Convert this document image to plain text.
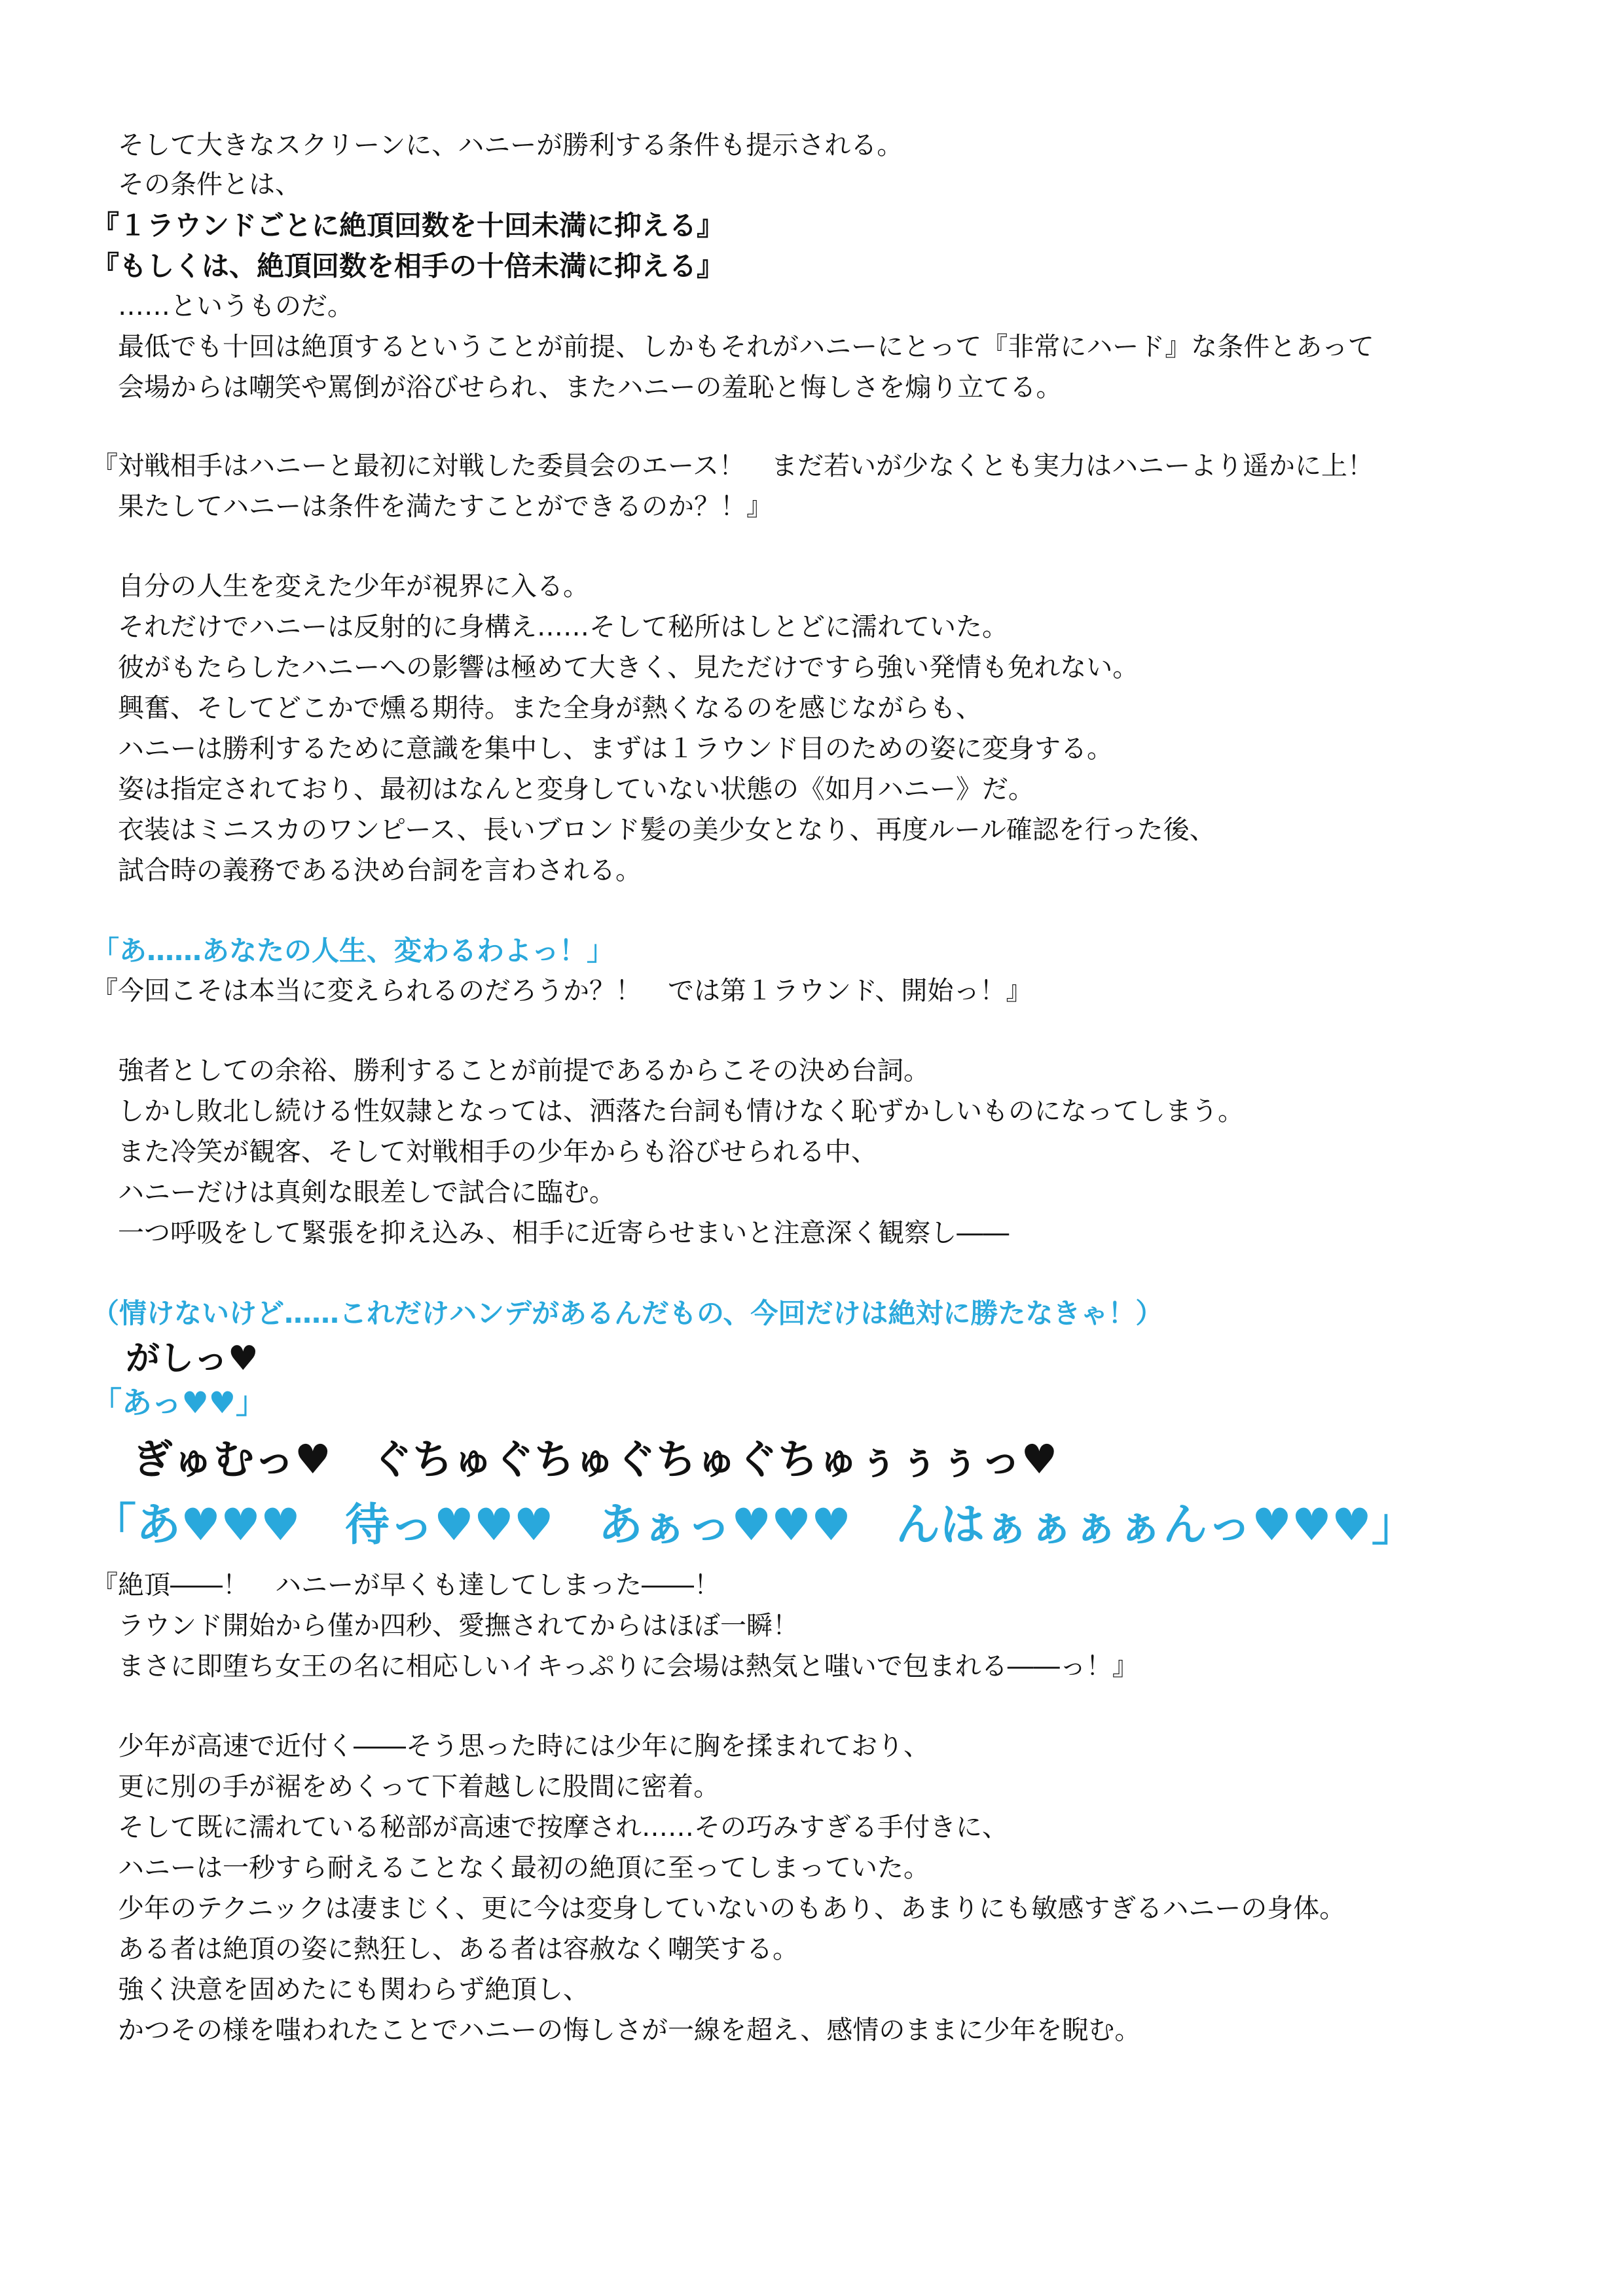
　そして大きなスクリーンに、ハニーが勝利する条件も提示される。

　その条件とは、

『１ラウンドごとに絶頂回数を十回未満に抑える』

『もしくは、絶頂回数を相手の十倍未満に抑える』

　……というものだ。

　最低でも十回は絶頂するということが前提、しかもそれがハニーにとって『非常にハード』な条件とあって

　会場からは嘲笑や罵倒が浴びせられ、またハニーの羞恥と悔しさを煽り立てる。

『対戦相手はハニーと最初に対戦した委員会のエース！　まだ若いが少なくとも実力はハニーより遥かに上！

　果たしてハニーは条件を満たすことができるのか？！』

　自分の人生を変えた少年が視界に入る。

　それだけでハニーは反射的に身構え……そして秘所はしとどに濡れていた。

　彼がもたらしたハニーへの影響は極めて大きく、見ただけですら強い発情も免れない。

　興奮、そしてどこかで燻る期待。また全身が熱くなるのを感じながらも、

　ハニーは勝利するために意識を集中し、まずは１ラウンド目のための姿に変身する。

　姿は指定されており、最初はなんと変身していない状態の《如月ハニー》だ。

　衣装はミニスカのワンピース、長いブロンド髪の美少女となり、再度ルール確認を行った後、

　試合時の義務である決め台詞を言わされる。

「あ……あなたの人生、変わるわよっ！」

『今回こそは本当に変えられるのだろうか？！　では第１ラウンド、開始っ！』

　強者としての余裕、勝利することが前提であるからこその決め台詞。

　しかし敗北し続ける性奴隷となっては、洒落た台詞も情けなく恥ずかしいものになってしまう。

　また冷笑が観客、そして対戦相手の少年からも浴びせられる中、

　ハニーだけは真剣な眼差しで試合に臨む。

　一つ呼吸をして緊張を抑え込み、相手に近寄らせまいと注意深く観察し――

（情けないけど……これだけハンデがあるんだもの、今回だけは絶対に勝たなきゃ！）

　がしっ♥

「あっ♥♥」

　ぎゅむっ♥　ぐちゅぐちゅぐちゅぐちゅぅぅぅっ♥

「あ♥♥♥　待っ♥♥♥　あぁっ♥♥♥　んはぁぁぁぁんっ♥♥♥」

『絶頂――！　ハニーが早くも達してしまった――！

　ラウンド開始から僅か四秒、愛撫されてからはほぼ一瞬！

　まさに即堕ち女王の名に相応しいイキっぷりに会場は熱気と嗤いで包まれる――っ！』

　少年が高速で近付く――そう思った時には少年に胸を揉まれており、

　更に別の手が裾をめくって下着越しに股間に密着。

　そして既に濡れている秘部が高速で按摩され……その巧みすぎる手付きに、

　ハニーは一秒すら耐えることなく最初の絶頂に至ってしまっていた。

　少年のテクニックは凄まじく、更に今は変身していないのもあり、あまりにも敏感すぎるハニーの身体。

　ある者は絶頂の姿に熱狂し、ある者は容赦なく嘲笑する。

　強く決意を固めたにも関わらず絶頂し、

　かつその様を嗤われたことでハニーの悔しさが一線を超え、感情のままに少年を睨む。
